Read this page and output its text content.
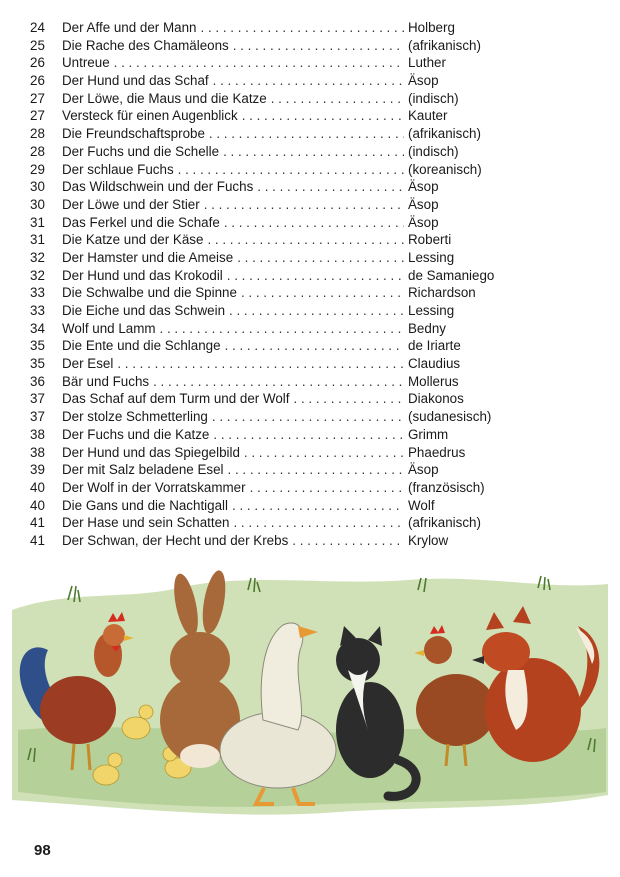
24	Der Affe und der Mann . . .	Holberg
25	Die Rache des Chamäleons . . .	(afrikanisch)
26	Untreue . . .	Luther
26	Der Hund und das Schaf . . .	Äsop
27	Der Löwe, die Maus und die Katze . . .	(indisch)
27	Versteck für einen Augenblick . . .	Kauter
28	Die Freundschaftsprobe . . .	(afrikanisch)
28	Der Fuchs und die Schelle . . .	(indisch)
29	Der schlaue Fuchs . . .	(koreanisch)
30	Das Wildschwein und der Fuchs . . .	Äsop
30	Der Löwe und der Stier . . .	Äsop
31	Das Ferkel und die Schafe . . .	Äsop
31	Die Katze und der Käse . . .	Roberti
32	Der Hamster und die Ameise . . .	Lessing
32	Der Hund und das Krokodil . . .	de Samaniego
33	Die Schwalbe und die Spinne . . .	Richardson
33	Die Eiche und das Schwein . . .	Lessing
34	Wolf und Lamm . . .	Bedny
35	Die Ente und die Schlange . . .	de Iriarte
35	Der Esel . . .	Claudius
36	Bär und Fuchs . . .	Mollerus
37	Das Schaf auf dem Turm und der Wolf . . .	Diakonos
37	Der stolze Schmetterling . . .	(sudanesisch)
38	Der Fuchs und die Katze . . .	Grimm
38	Der Hund und das Spiegelbild . . .	Phaedrus
39	Der mit Salz beladene Esel . . .	Äsop
40	Der Wolf in der Vorratskammer . . .	(französisch)
40	Die Gans und die Nachtigall . . .	Wolf
41	Der Hase und sein Schatten . . .	(afrikanisch)
41	Der Schwan, der Hecht und der Krebs . . .	Krylow
98
